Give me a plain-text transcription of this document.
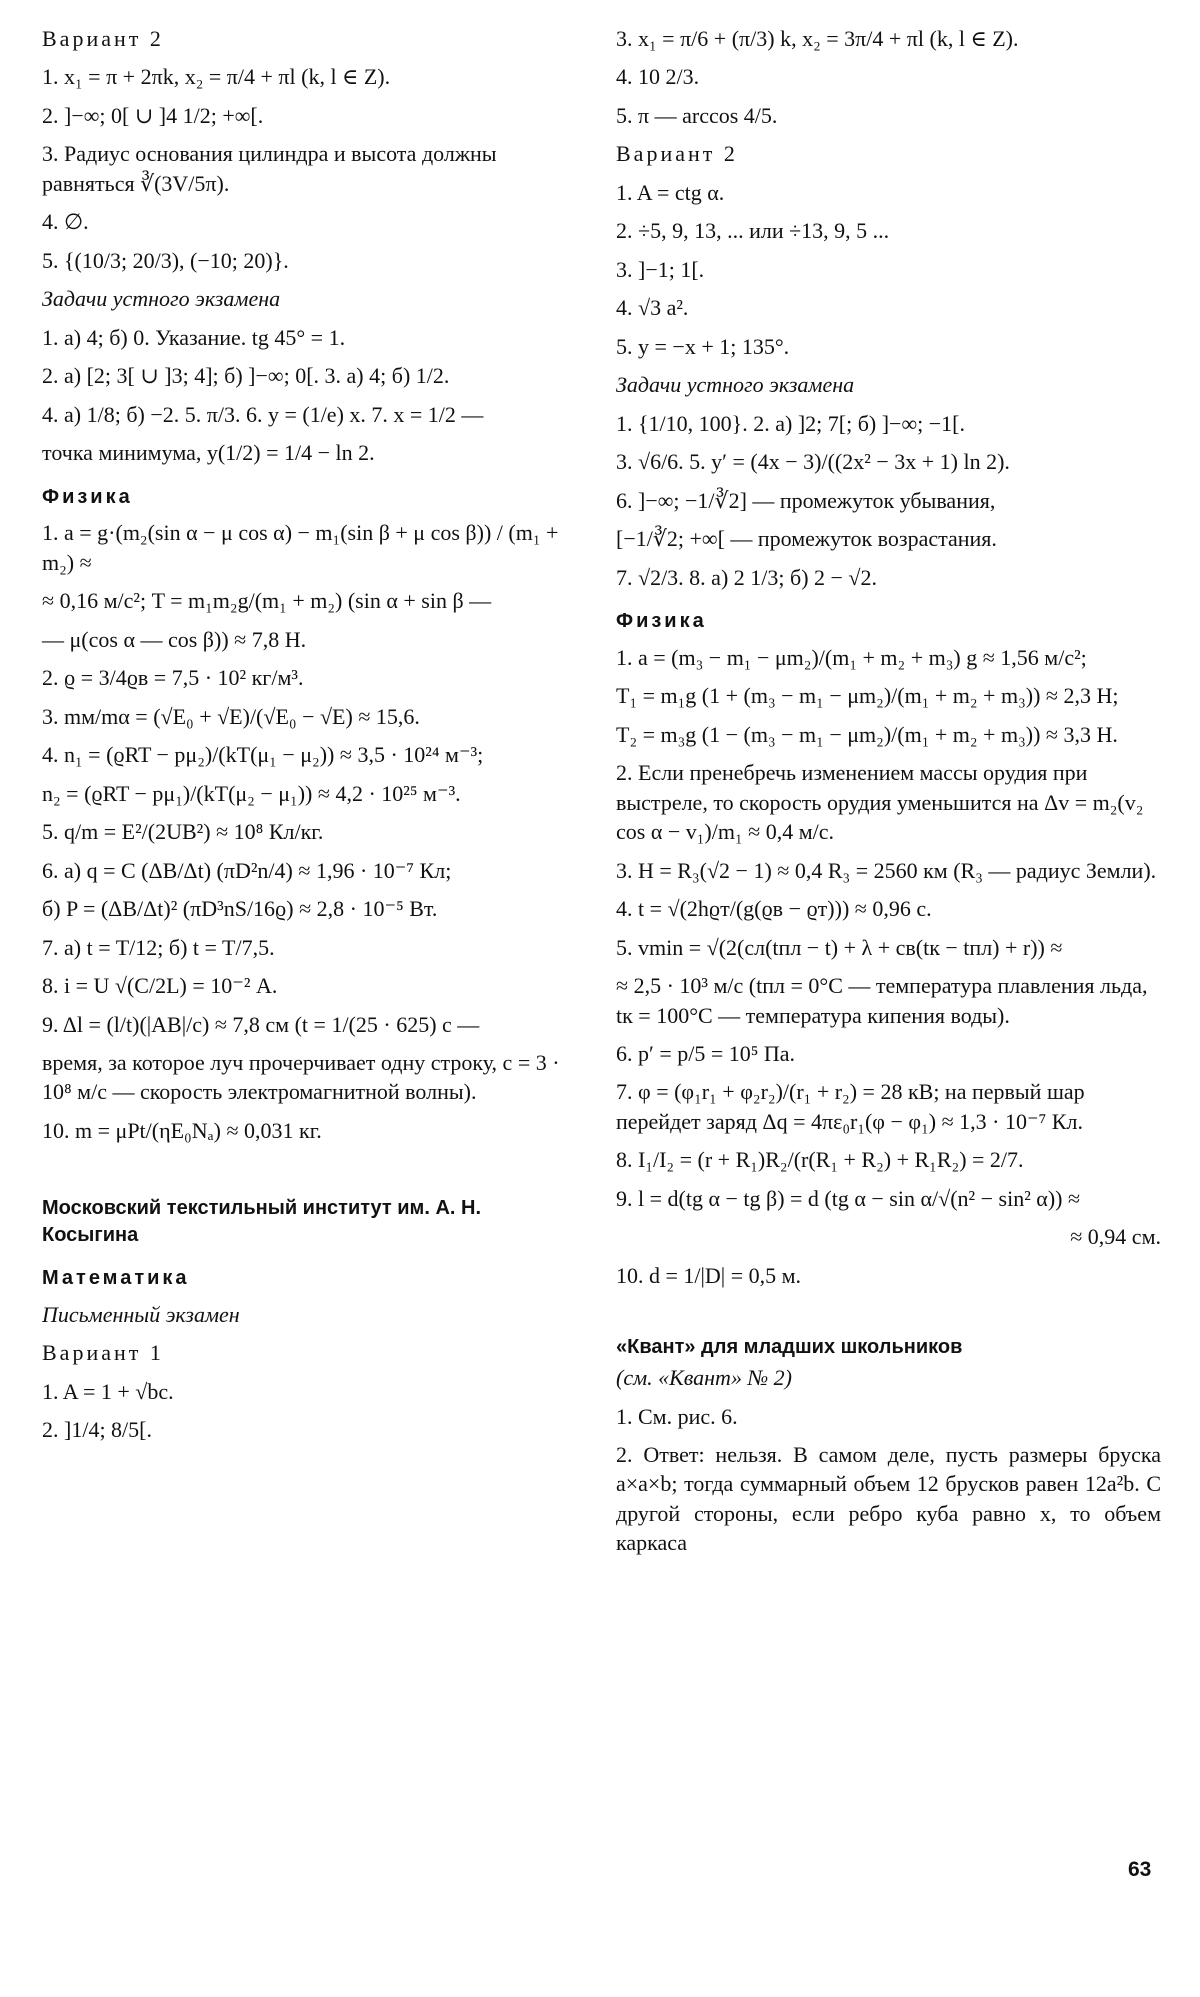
Вариант 2
1. x₁ = π + 2πk, x₂ = π/4 + πl (k, l ∈ Z).
2. ]−∞; 0[ ∪ ]4 1/2; +∞[.
3. Радиус основания цилиндра и высота должны равняться ∛(3V/5π).
4. ∅.
5. {(10/3; 20/3), (−10; 20)}.
Задачи устного экзамена
1. а) 4; б) 0. Указание. tg 45° = 1.
2. а) [2; 3[ ∪ ]3; 4]; б) ]−∞; 0[. 3. а) 4; б) 1/2.
4. а) 1/8; б) −2. 5. π/3. 6. y = (1/e) x. 7. x = 1/2 —
точка минимума, y(1/2) = 1/4 − ln 2.
Физика
1. a = g·(m₂(sin α − μ cos α) − m₁(sin β + μ cos β)) / (m₁ + m₂) ≈
≈ 0,16 м/с²; T = m₁m₂g/(m₁ + m₂) (sin α + sin β —
— μ(cos α — cos β)) ≈ 7,8 Н.
2. ϱ = 3/4ϱв = 7,5 · 10² кг/м³.
3. mм/mα = (√E₀ + √E)/(√E₀ − √E) ≈ 15,6.
4. n₁ = (ϱRT − pμ₂)/(kT(μ₁ − μ₂)) ≈ 3,5 · 10²⁴ м⁻³;
n₂ = (ϱRT − pμ₁)/(kT(μ₂ − μ₁)) ≈ 4,2 · 10²⁵ м⁻³.
5. q/m = E²/(2UB²) ≈ 10⁸ Кл/кг.
6. а) q = C (ΔB/Δt) (πD²n/4) ≈ 1,96 · 10⁻⁷ Кл;
б) P = (ΔB/Δt)² (πD³nS/16ϱ) ≈ 2,8 · 10⁻⁵ Вт.
7. а) t = T/12; б) t = T/7,5.
8. i = U √(C/2L) = 10⁻² А.
9. Δl = (l/t)(|AB|/c) ≈ 7,8 см (t = 1/(25 · 625) c —
время, за которое луч прочерчивает одну строку, c = 3 · 10⁸ м/с — скорость электромагнитной волны).
10. m = μPt/(ηE₀Nₐ) ≈ 0,031 кг.
Московский текстильный институт им. А. Н. Косыгина
Математика
Письменный экзамен
Вариант 1
1. A = 1 + √bc.
2. ]1/4; 8/5[.
3. x₁ = π/6 + (π/3) k, x₂ = 3π/4 + πl (k, l ∈ Z).
4. 10 2/3.
5. π — arccos 4/5.
Вариант 2
1. A = ctg α.
2. ÷5, 9, 13, ... или ÷13, 9, 5 ...
3. ]−1; 1[.
4. √3 a².
5. y = −x + 1; 135°.
Задачи устного экзамена
1. {1/10, 100}. 2. а) ]2; 7[; б) ]−∞; −1[.
3. √6/6. 5. y′ = (4x − 3)/((2x² − 3x + 1) ln 2).
6. ]−∞; −1/∛2] — промежуток убывания,
[−1/∛2; +∞[ — промежуток возрастания.
7. √2/3. 8. а) 2 1/3; б) 2 − √2.
Физика
1. a = (m₃ − m₁ − μm₂)/(m₁ + m₂ + m₃) g ≈ 1,56 м/с²;
T₁ = m₁g (1 + (m₃ − m₁ − μm₂)/(m₁ + m₂ + m₃)) ≈ 2,3 Н;
T₂ = m₃g (1 − (m₃ − m₁ − μm₂)/(m₁ + m₂ + m₃)) ≈ 3,3 Н.
2. Если пренебречь изменением массы орудия при выстреле, то скорость орудия уменьшится на Δv = m₂(v₂ cos α − v₁)/m₁ ≈ 0,4 м/с.
3. H = R₃(√2 − 1) ≈ 0,4 R₃ = 2560 км (R₃ — радиус Земли).
4. t = √(2hϱт/(g(ϱв − ϱт))) ≈ 0,96 с.
5. vmin = √(2(cл(tпл − t) + λ + cв(tк − tпл) + r)) ≈
≈ 2,5 · 10³ м/с (tпл = 0°C — температура плавления льда, tк = 100°C — температура кипения воды).
6. p′ = p/5 = 10⁵ Па.
7. φ = (φ₁r₁ + φ₂r₂)/(r₁ + r₂) = 28 кВ; на первый шар перейдет заряд Δq = 4πε₀r₁(φ − φ₁) ≈ 1,3 · 10⁻⁷ Кл.
8. I₁/I₂ = (r + R₁)R₂/(r(R₁ + R₂) + R₁R₂) = 2/7.
9. l = d(tg α − tg β) = d (tg α − sin α/√(n² − sin² α)) ≈
≈ 0,94 см.
10. d = 1/|D| = 0,5 м.
«Квант» для младших школьников
(см. «Квант» № 2)
1. См. рис. 6.
2. Ответ: нельзя. В самом деле, пусть размеры бруска a×a×b; тогда суммарный объем 12 брусков равен 12a²b. С другой стороны, если ребро куба равно x, то объем каркаса
63
